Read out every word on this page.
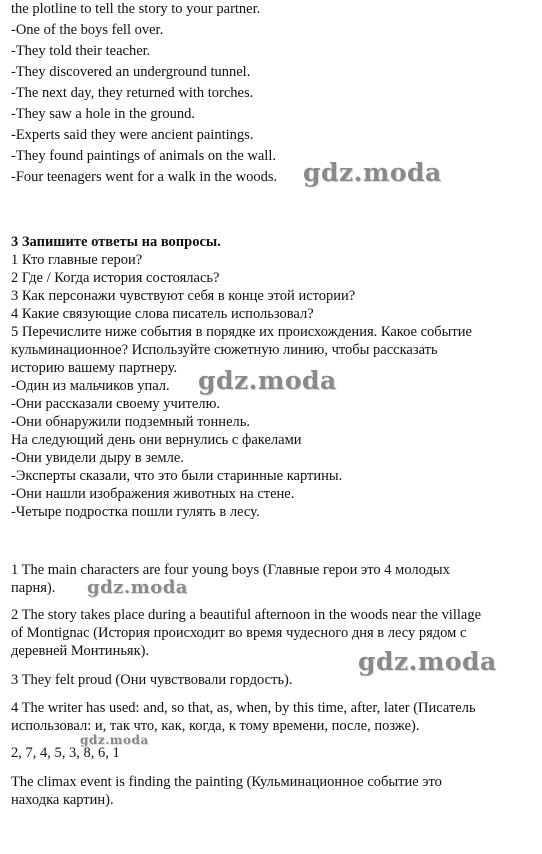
the plotline to tell the story to your partner.

-One of the boys fell over.

-They told their teacher.

-They discovered an underground tunnel.

-The next day, they returned with torches.

-They saw a hole in the ground.

-Experts said they were ancient paintings.

-They found paintings of animals on the wall.

-Four teenagers went for a walk in the woods.

3 Запишите ответы на вопросы.

1 Кто главные герои?

2 Где / Когда история состоялась?

3 Как персонажи чувствуют себя в конце этой истории?

4 Какие связующие слова писатель использовал?

5 Перечислите ниже события в порядке их происхождения. Какое событие

кульминационное? Используйте сюжетную линию, чтобы рассказать

историю вашему партнеру.

-Один из мальчиков упал.

-Они рассказали своему учителю.

-Они обнаружили подземный тоннель.

На следующий день они вернулись с факелами

-Они увидели дыру в земле.

-Эксперты сказали, что это были старинные картины.

-Они нашли изображения животных на стене.

-Четыре подростка пошли гулять в лесу.

1 The main characters are four young boys (Главные герои это 4 молодых

парня).

2 The story takes place during a beautiful afternoon in the woods near the village

of Montignac (История происходит во время чудесного дня в лесу рядом с

деревней Монтиньяк).

3 They felt proud (Они чувствовали гордость).

4 The writer has used: and, so that, as, when, by this time, after, later (Писатель

использовал: и, так что, как, когда, к тому времени, после, позже).

2, 7, 4, 5, 3, 8, 6, 1

The climax event is finding the painting (Кульминационное событие это

находка картин).

gdz.moda
gdz.moda
gdz.moda
gdz.moda
gdz.moda
